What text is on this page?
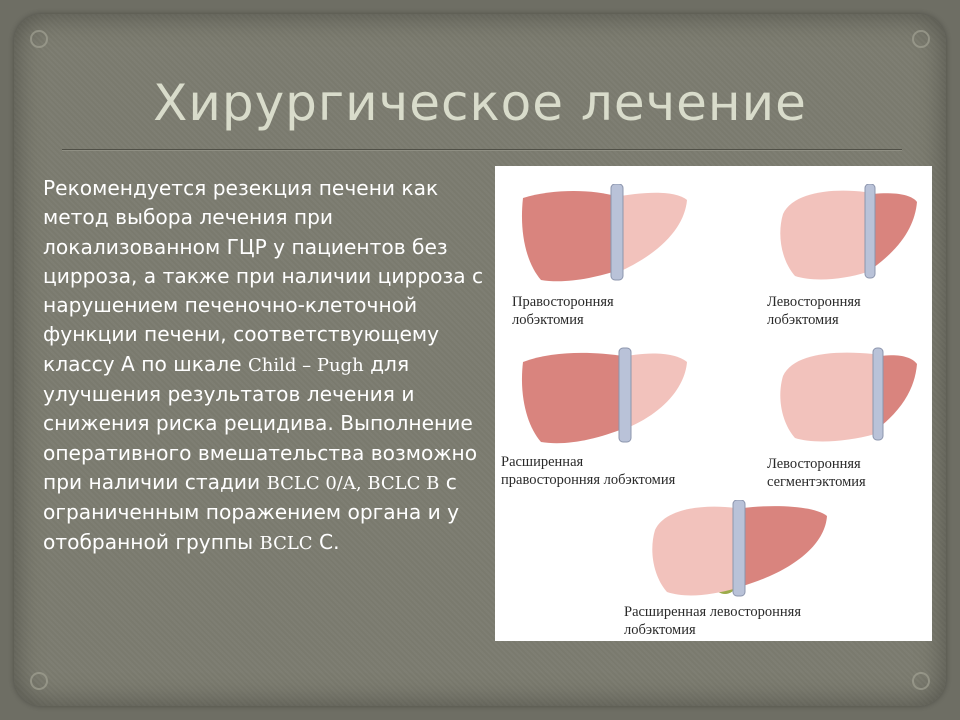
Хирургическое лечение

Рекомендуется резекция печени как метод выбора лечения при локализованном ГЦР у пациентов без цирроза, а также при наличии цирроза с нарушением печеночно-клеточной функции печени, соответствующему классу А по шкале Child – Pugh для улучшения результатов лечения и снижения риска рецидива. Выполнение оперативного вмешательства возможно при наличии стадии BCLC 0/A, BCLC B с ограниченным поражением органа и у отобранной группы BCLC С.

Правосторонняя
лобэктомия
Левосторонняя
лобэктомия
Расширенная
правосторонняя лобэктомия
Левосторонняя
сегментэктомия
Расширенная левосторонняя
лобэктомия
